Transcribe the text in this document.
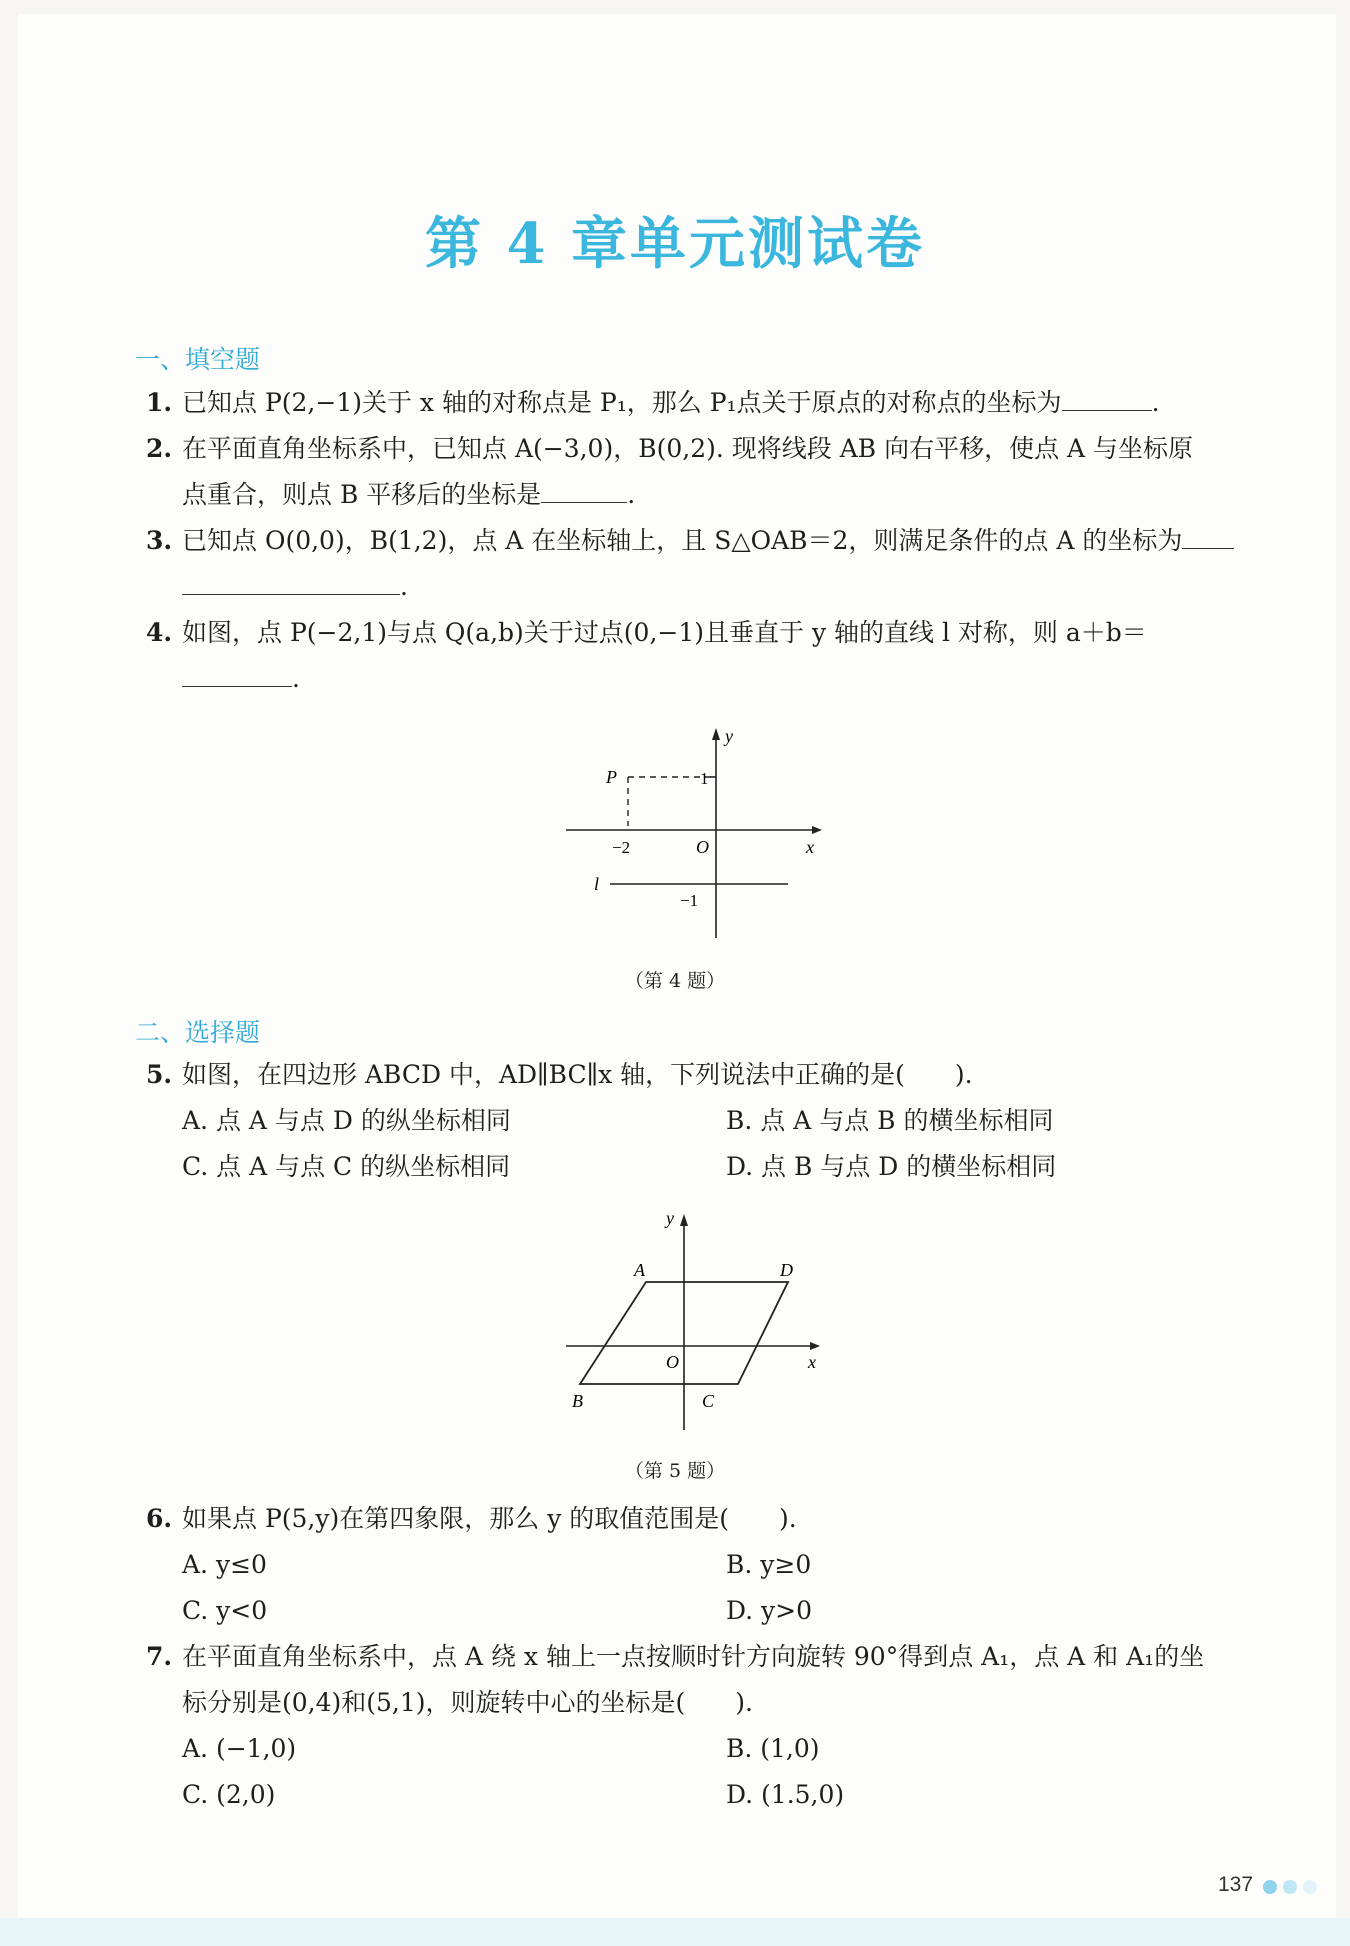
第 4 章单元测试卷
一、填空题
1. 已知点 P(2,−1)关于 x 轴的对称点是 P₁，那么 P₁点关于原点的对称点的坐标为	.
2. 在平面直角坐标系中，已知点 A(−3,0)，B(0,2). 现将线段 AB 向右平移，使点 A 与坐标原
点重合，则点 B 平移后的坐标是	.
3. 已知点 O(0,0)，B(1,2)，点 A 在坐标轴上，且 S△OAB＝2，则满足条件的点 A 的坐标为
.
4. 如图，点 P(−2,1)与点 Q(a,b)关于过点(0,−1)且垂直于 y 轴的直线 l 对称，则 a＋b＝
.
y
x
O
P	1
−2
l
−1
（第 4 题）
二、选择题
5. 如图，在四边形 ABCD 中，AD∥BC∥x 轴，下列说法中正确的是(　　).
A. 点 A 与点 D 的纵坐标相同	B. 点 A 与点 B 的横坐标相同
C. 点 A 与点 C 的纵坐标相同	D. 点 B 与点 D 的横坐标相同
y
x
O
A	D
B	C
（第 5 题）
6. 如果点 P(5,y)在第四象限，那么 y 的取值范围是(　　).
A. y≤0	B. y≥0
C. y<0	D. y>0
7. 在平面直角坐标系中，点 A 绕 x 轴上一点按顺时针方向旋转 90°得到点 A₁，点 A 和 A₁的坐
标分别是(0,4)和(5,1)，则旋转中心的坐标是(　　).
A. (−1,0)	B. (1,0)
C. (2,0)	D. (1.5,0)
137
